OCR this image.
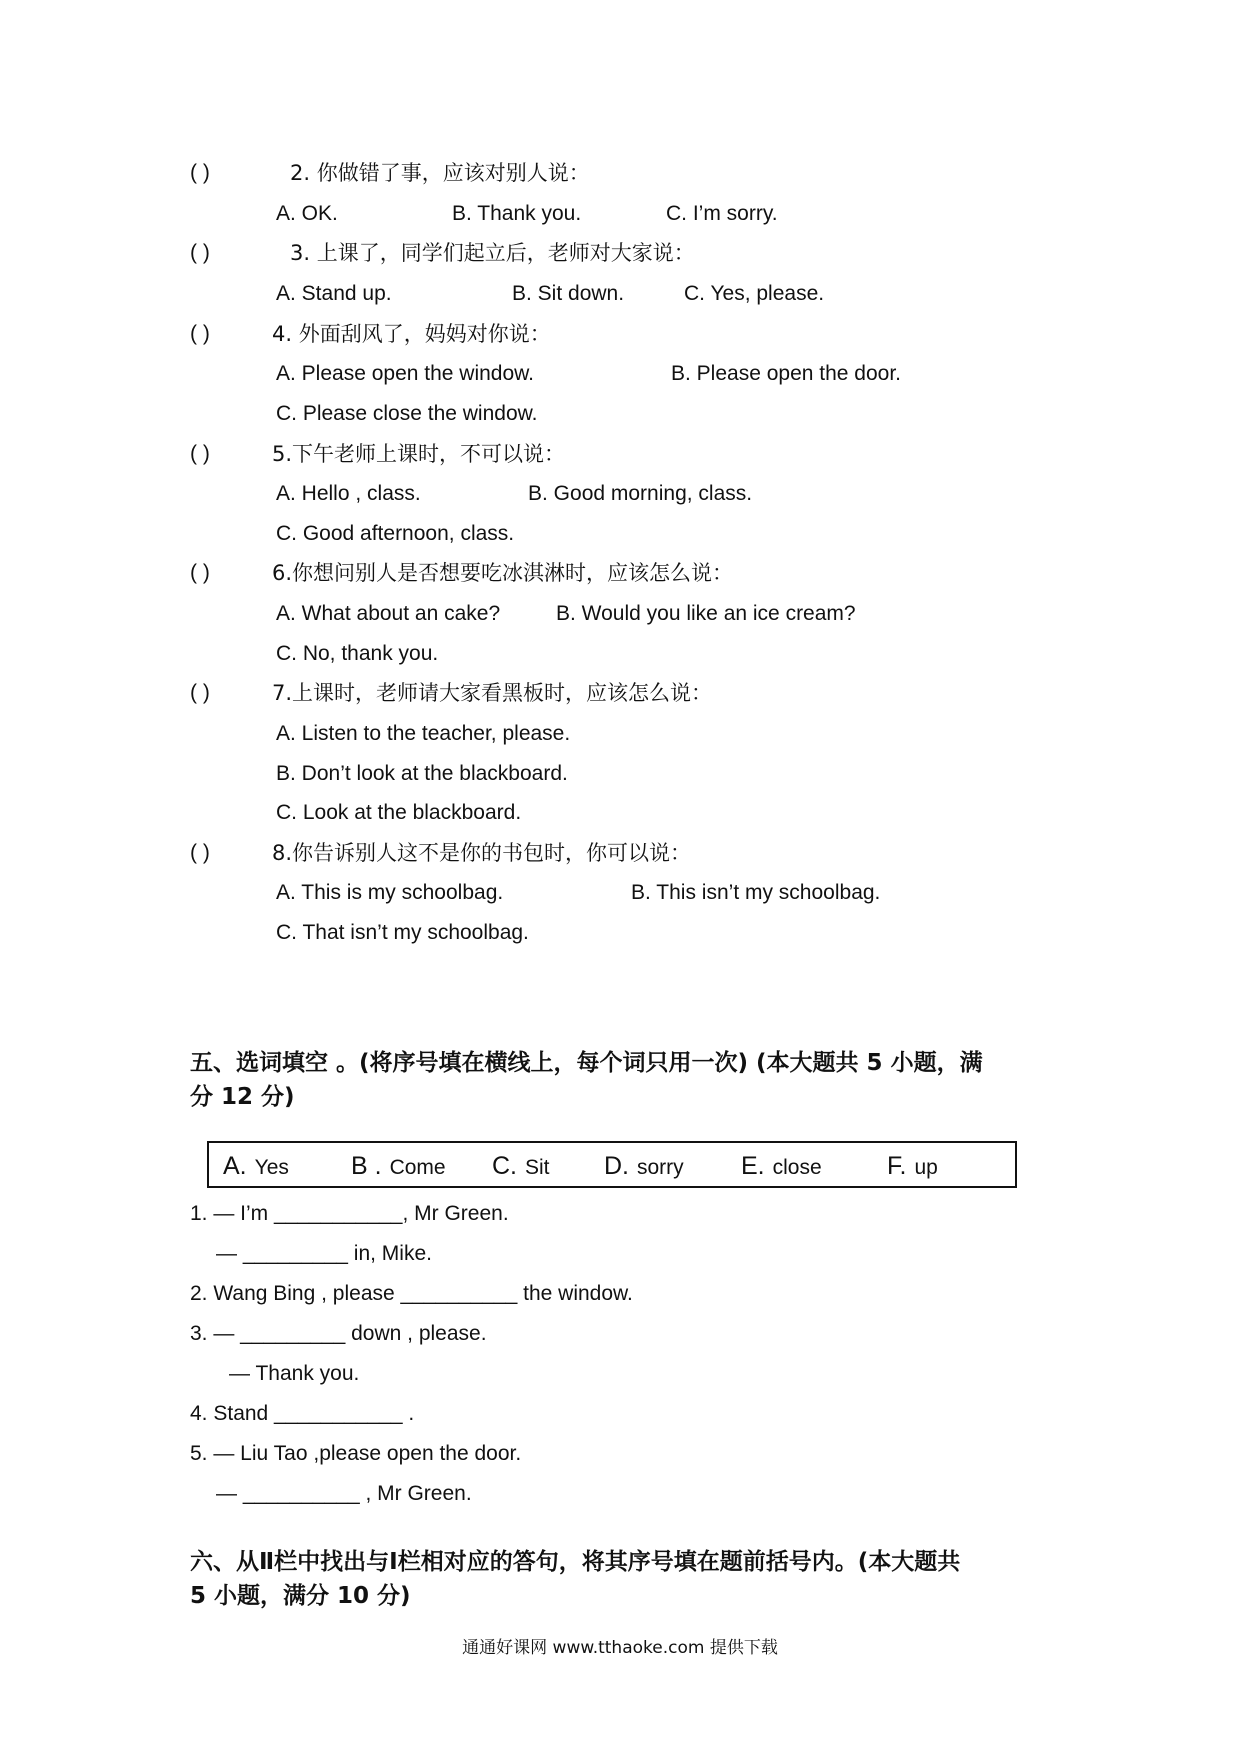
( )	2. 你做错了事，应该对别人说：
A. OK.	B. Thank you.	C. I’m sorry.
( )	3. 上课了，同学们起立后，老师对大家说：
A. Stand up.	B. Sit down.	C. Yes, please.
( )	4. 外面刮风了，妈妈对你说：
A. Please open the window.	B. Please open the door.
C. Please close the window.
( )	5.下午老师上课时，不可以说：
A. Hello , class.	B. Good morning, class.
C. Good afternoon, class.
( )	6.你想问别人是否想要吃冰淇淋时，应该怎么说：
A. What about an cake?	B. Would you like an ice cream?
C. No, thank you.
( )	7.上课时，老师请大家看黑板时，应该怎么说：
A. Listen to the teacher, please.
B. Don’t look at the blackboard.
C. Look at the blackboard.
( )	8.你告诉别人这不是你的书包时，你可以说：
A. This is my schoolbag.	B. This isn’t my schoolbag.
C. That isn’t my schoolbag.
五、选词填空 。(将序号填在横线上，每个词只用一次) (本大题共 5 小题，满
分 12 分)
A. Yes B . Come C. Sit D. sorry E. close	F. up
1. — I’m ___________, Mr Green.
— _________ in, Mike.
2. Wang Bing , please __________ the window.
3. — _________ down , please.
— Thank you.
4. Stand ___________ .
5. — Liu Tao ,please open the door.
— __________ , Mr Green.
六、从Ⅱ栏中找出与Ⅰ栏相对应的答句，将其序号填在题前括号内。(本大题共
5 小题，满分 10 分)
通通好课网 www.tthaoke.com 提供下载
